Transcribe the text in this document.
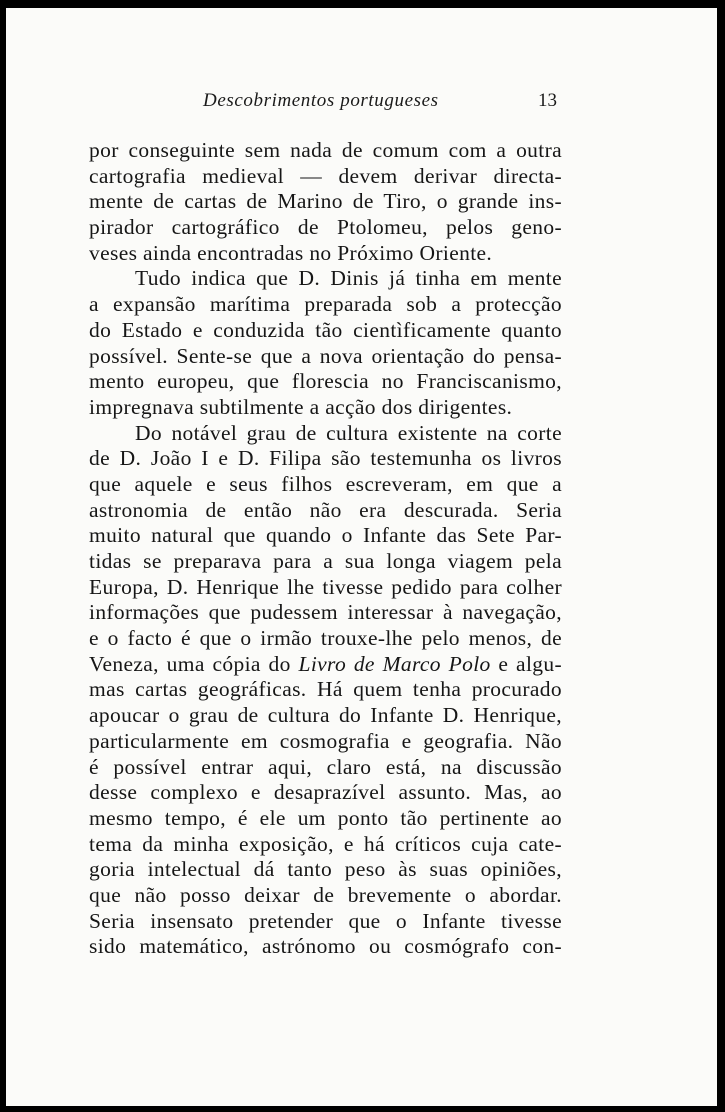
Descobrimentos portugueses	13
por conseguinte sem nada de comum com a outra
cartografia medieval — devem derivar directa-
mente de cartas de Marino de Tiro, o grande ins-
pirador cartográfico de Ptolomeu, pelos geno-
veses ainda encontradas no Próximo Oriente.
Tudo indica que D. Dinis já tinha em mente
a expansão marítima preparada sob a protecção
do Estado e conduzida tão cientìficamente quanto
possível. Sente-se que a nova orientação do pensa-
mento europeu, que florescia no Franciscanismo,
impregnava subtilmente a acção dos dirigentes.
Do notável grau de cultura existente na corte
de D. João I e D. Filipa são testemunha os livros
que aquele e seus filhos escreveram, em que a
astronomia de então não era descurada. Seria
muito natural que quando o Infante das Sete Par-
tidas se preparava para a sua longa viagem pela
Europa, D. Henrique lhe tivesse pedido para colher
informações que pudessem interessar à navegação,
e o facto é que o irmão trouxe-lhe pelo menos, de
Veneza, uma cópia do Livro de Marco Polo e algu-
mas cartas geográficas. Há quem tenha procurado
apoucar o grau de cultura do Infante D. Henrique,
particularmente em cosmografia e geografia. Não
é possível entrar aqui, claro está, na discussão
desse complexo e desaprazível assunto. Mas, ao
mesmo tempo, é ele um ponto tão pertinente ao
tema da minha exposição, e há críticos cuja cate-
goria intelectual dá tanto peso às suas opiniões,
que não posso deixar de brevemente o abordar.
Seria insensato pretender que o Infante tivesse
sido matemático, astrónomo ou cosmógrafo con-
